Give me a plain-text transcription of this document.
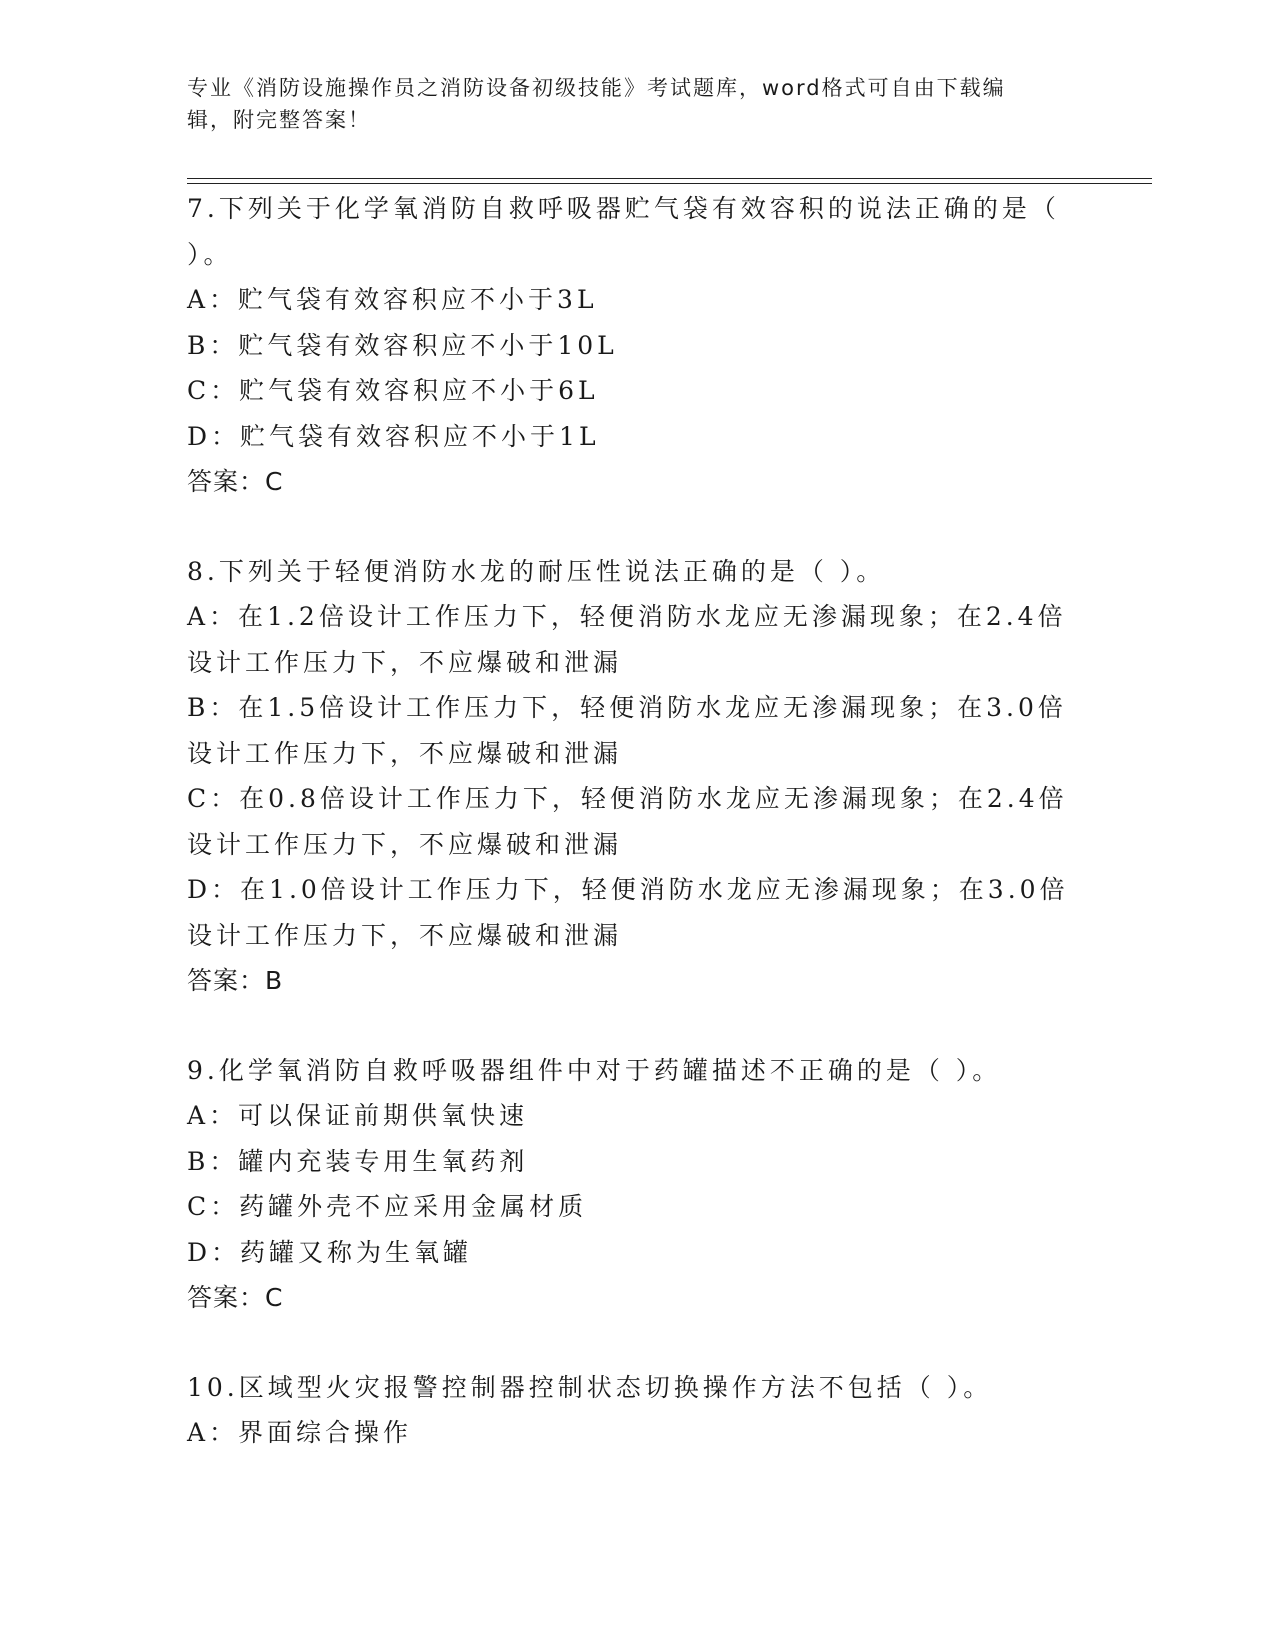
专业《消防设施操作员之消防设备初级技能》考试题库，word格式可自由下载编
辑，附完整答案！
7.下列关于化学氧消防自救呼吸器贮气袋有效容积的说法正确的是（
）。
A：贮气袋有效容积应不小于3L
B：贮气袋有效容积应不小于10L
C：贮气袋有效容积应不小于6L
D：贮气袋有效容积应不小于1L
答案：C
8.下列关于轻便消防水龙的耐压性说法正确的是（ ）。
A：在1.2倍设计工作压力下，轻便消防水龙应无渗漏现象；在2.4倍
设计工作压力下，不应爆破和泄漏
B：在1.5倍设计工作压力下，轻便消防水龙应无渗漏现象；在3.0倍
设计工作压力下，不应爆破和泄漏
C：在0.8倍设计工作压力下，轻便消防水龙应无渗漏现象；在2.4倍
设计工作压力下，不应爆破和泄漏
D：在1.0倍设计工作压力下，轻便消防水龙应无渗漏现象；在3.0倍
设计工作压力下，不应爆破和泄漏
答案：B
9.化学氧消防自救呼吸器组件中对于药罐描述不正确的是（ ）。
A：可以保证前期供氧快速
B：罐内充装专用生氧药剂
C：药罐外壳不应采用金属材质
D：药罐又称为生氧罐
答案：C
10.区域型火灾报警控制器控制状态切换操作方法不包括（ ）。
A：界面综合操作
